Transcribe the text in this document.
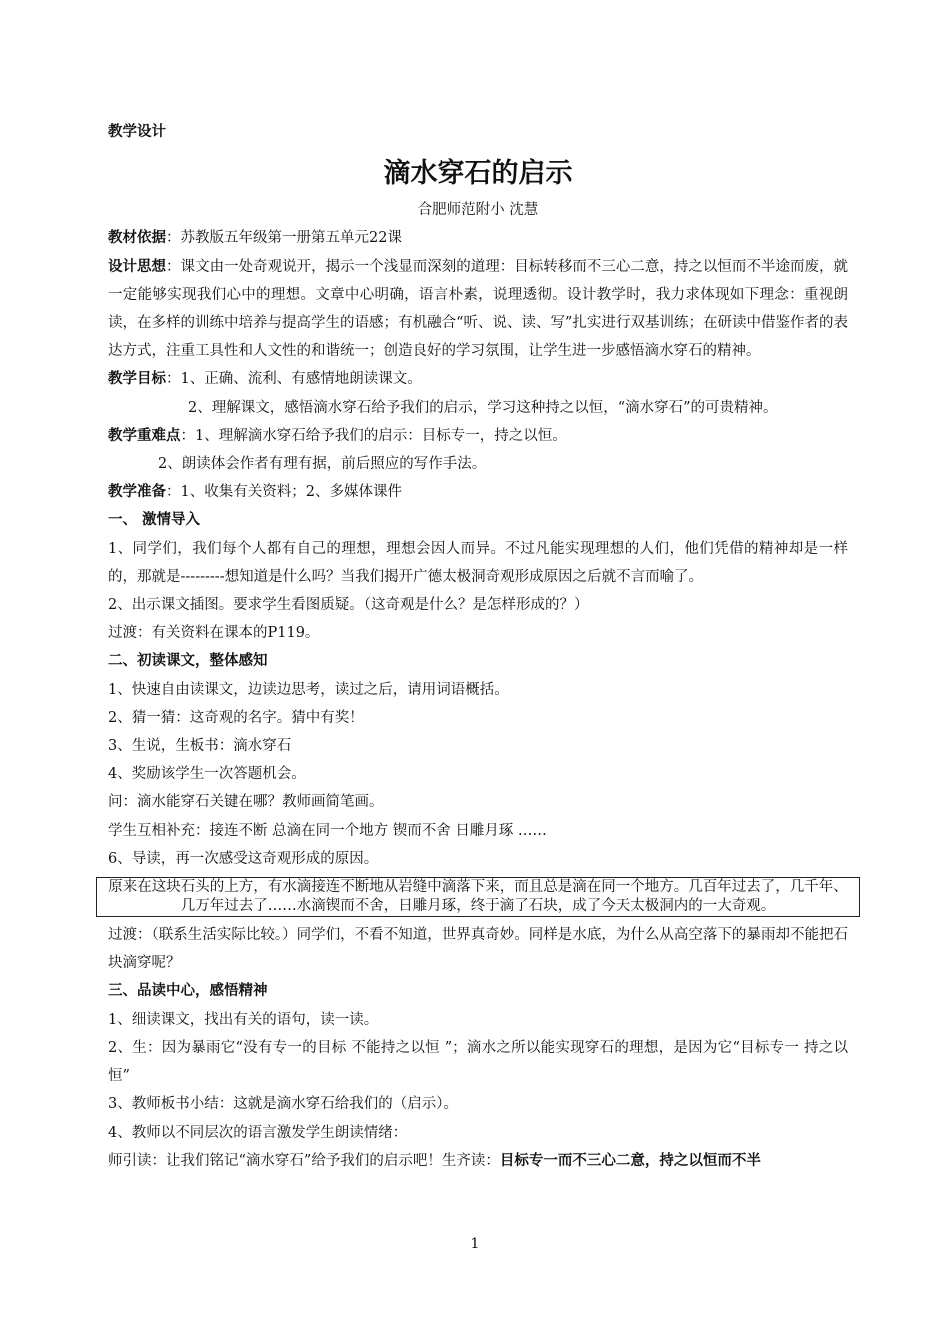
教学设计

滴水穿石的启示

合肥师范附小 沈慧

教材依据：苏教版五年级第一册第五单元22课

设计思想：课文由一处奇观说开，揭示一个浅显而深刻的道理：目标转移而不三心二意，持之以恒而不半途而废，就一定能够实现我们心中的理想。文章中心明确，语言朴素，说理透彻。设计教学时，我力求体现如下理念：重视朗读，在多样的训练中培养与提高学生的语感；有机融合“听、说、读、写”扎实进行双基训练；在研读中借鉴作者的表达方式，注重工具性和人文性的和谐统一；创造良好的学习氛围，让学生进一步感悟滴水穿石的精神。

教学目标：1、正确、流利、有感情地朗读课文。

2、理解课文，感悟滴水穿石给予我们的启示，学习这种持之以恒，“滴水穿石”的可贵精神。

教学重难点：1、理解滴水穿石给予我们的启示：目标专一，持之以恒。

2、朗读体会作者有理有据，前后照应的写作手法。

教学准备：1、收集有关资料；2、多媒体课件

一、 激情导入

1、同学们，我们每个人都有自己的理想，理想会因人而异。不过凡能实现理想的人们，他们凭借的精神却是一样的，那就是---------想知道是什么吗？当我们揭开广德太极洞奇观形成原因之后就不言而喻了。

2、出示课文插图。要求学生看图质疑。（这奇观是什么？是怎样形成的？）

过渡：有关资料在课本的P119。

二、初读课文，整体感知

1、快速自由读课文，边读边思考，读过之后，请用词语概括。

2、猜一猜：这奇观的名字。猜中有奖！

3、生说，生板书：滴水穿石

4、奖励该学生一次答题机会。

问：滴水能穿石关键在哪？教师画简笔画。

学生互相补充：接连不断 总滴在同一个地方 锲而不舍 日雕月琢 ……

6、导读，再一次感受这奇观形成的原因。

原来在这块石头的上方，有水滴接连不断地从岩缝中滴落下来，而且总是滴在同一个地方。几百年过去了，几千年、几万年过去了……水滴锲而不舍，日雕月琢，终于滴了石块，成了今天太极洞内的一大奇观。

过渡：（联系生活实际比较。）同学们，不看不知道，世界真奇妙。同样是水底，为什么从高空落下的暴雨却不能把石块滴穿呢？

三、品读中心，感悟精神

1、细读课文，找出有关的语句，读一读。

2、生：因为暴雨它“没有专一的目标 不能持之以恒 ”；滴水之所以能实现穿石的理想，是因为它“目标专一 持之以恒”

3、教师板书小结：这就是滴水穿石给我们的（启示）。

4、教师以不同层次的语言激发学生朗读情绪：

师引读：让我们铭记“滴水穿石”给予我们的启示吧！生齐读：目标专一而不三心二意，持之以恒而不半

1
